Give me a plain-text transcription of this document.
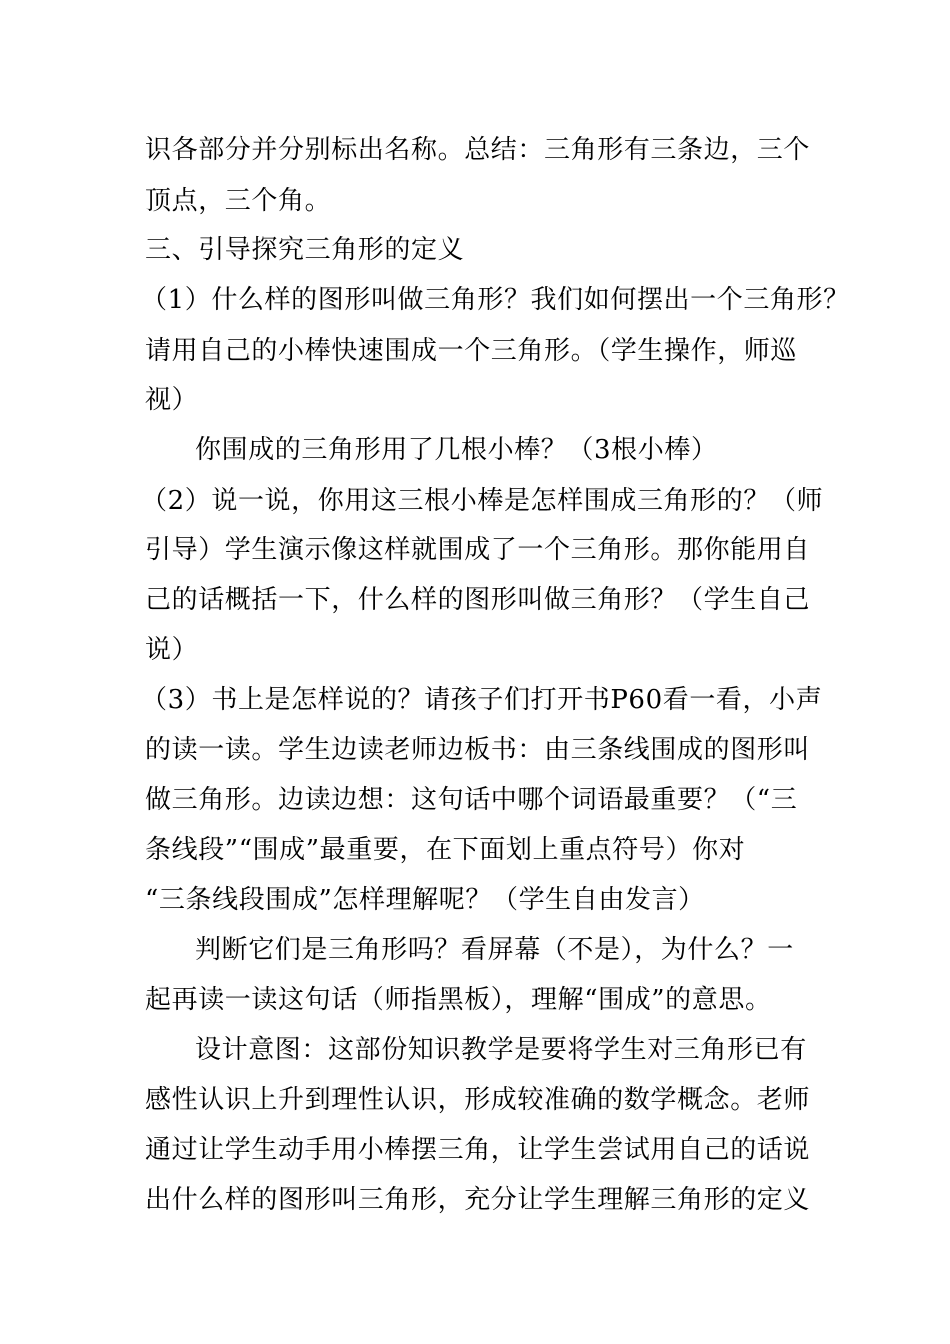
识各部分并分别标出名称。总结：三角形有三条边，三个
顶点，三个角。
三、引导探究三角形的定义
（1）什么样的图形叫做三角形？我们如何摆出一个三角形？
请用自己的小棒快速围成一个三角形。（学生操作，师巡
视）
你围成的三角形用了几根小棒？（3根小棒）
（2）说一说，你用这三根小棒是怎样围成三角形的？（师
引导）学生演示像这样就围成了一个三角形。那你能用自
己的话概括一下，什么样的图形叫做三角形？（学生自己
说）
（3）书上是怎样说的？请孩子们打开书P60看一看，小声
的读一读。学生边读老师边板书：由三条线围成的图形叫
做三角形。边读边想：这句话中哪个词语最重要？（“三
条线段”“围成”最重要，在下面划上重点符号）你对
“三条线段围成”怎样理解呢？（学生自由发言）
判断它们是三角形吗？看屏幕（不是），为什么？一
起再读一读这句话（师指黑板），理解“围成”的意思。
设计意图：这部份知识教学是要将学生对三角形已有
感性认识上升到理性认识，形成较准确的数学概念。老师
通过让学生动手用小棒摆三角，让学生尝试用自己的话说
出什么样的图形叫三角形，充分让学生理解三角形的定义
